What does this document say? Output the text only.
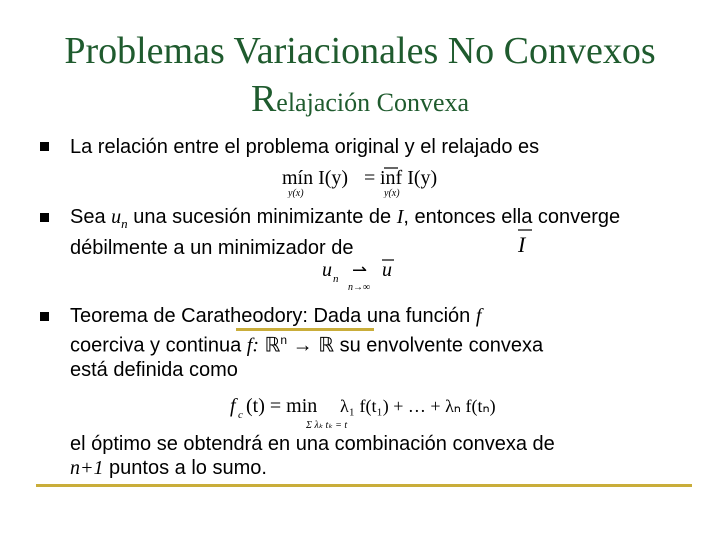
Problemas Variacionales No Convexos
Relajación Convexa
La relación entre el problema original y el relajado es
mín I(y)
y(x)
= inf I(y)
y(x)
Sea $u_n$ una sucesión minimizante de I, entonces ella converge débilmente a un minimizador de	I
u n ⇀
n→∞
u
Teorema de Caratheodory: Dada una función f
coerciva y continua f: ℝ$^n$ → ℝ su envolvente convexa
está definida como
f c (t) = min λ₁ f(t₁) + … + λₙ f(tₙ)
Σ λₖ tₖ = t
el óptimo se obtendrá en una combinación convexa de
n+1 puntos a lo sumo.
